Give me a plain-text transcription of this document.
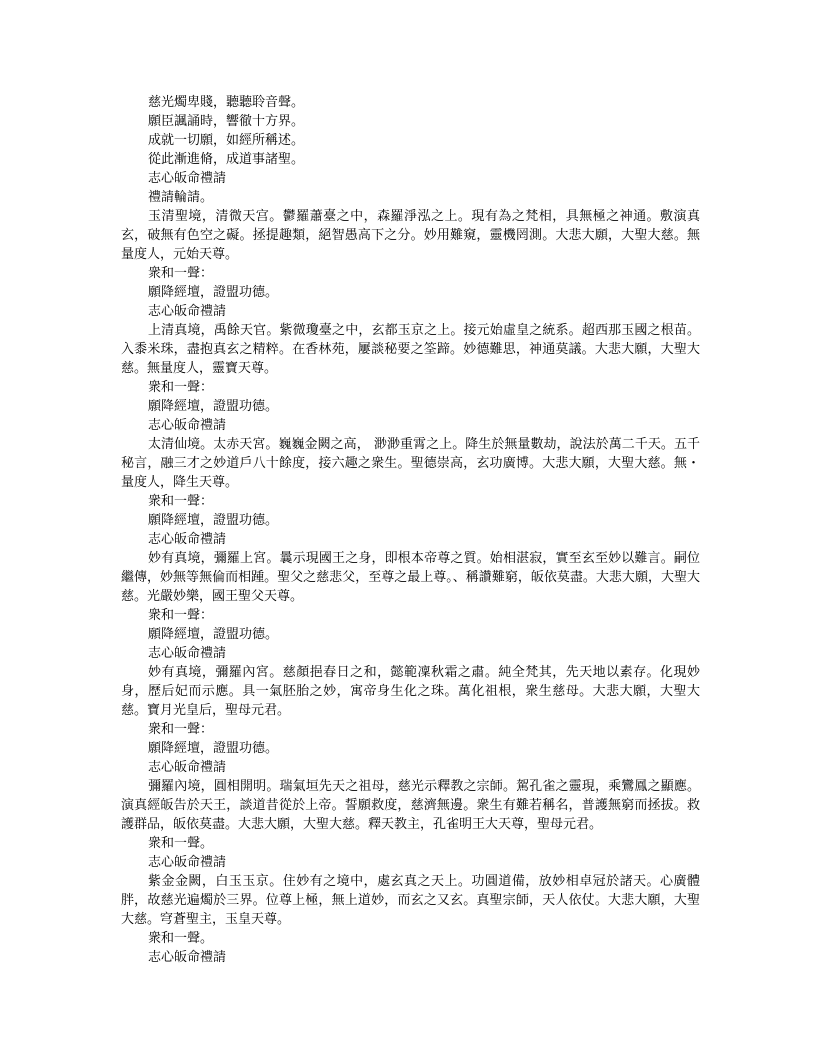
慈光燭卑賤，聽聽聆音聲。
願臣諷誦時，響徹十方界。
成就一切願，如經所稱述。
從此漸進脩，成道事諸聖。
志心皈命禮請
禮請輪請。
玉清聖境，清微天宫。鬱羅蕭臺之中，森羅淨泓之上。現有為之梵相，具無極之神通。敷演真玄，破無有色空之礙。拯提趣類，絕智愚高下之分。妙用難窺，靈機罔測。大悲大願，大聖大慈。無量度人，元始天尊。
衆和一聲：
願降經壇，證盟功德。
志心皈命禮請
上清真境，禹餘天官。紫微瓊臺之中，玄都玉京之上。接元始虛皇之統系。超西那玉國之根苗。入黍米珠，盡抱真玄之精粹。在香林苑，屢談秘要之筌蹄。妙德難思，神通莫議。大悲大願，大聖大慈。無量度人，靈寶天尊。
衆和一聲：
願降經壇，證盟功德。
志心皈命禮請
太清仙境。太赤天宮。巍巍金闕之高， 渺渺重霄之上。降生於無量數劫，說法於萬二千天。五千秘言，融三才之妙道戶八十餘度，接六趣之衆生。聖德崇高，玄功廣博。大悲大願，大聖大慈。無・ 量度人，降生天尊。
衆和一聲：
願降經壇，證盟功德。
志心皈命禮請
妙有真境，彌羅上宮。曩示現國王之身，即根本帝尊之質。始相湛寂，實至玄至妙以難言。嗣位繼傳，妙無等無倫而相踵。聖父之慈悲父，至尊之最上尊。、稱讚難窮，皈依莫盡。大悲大願，大聖大慈。光嚴妙樂，國王聖父天尊。
衆和一聲：
願降經壇，證盟功德。
志心皈命禮請
妙有真境，彌羅內宮。慈顏挹春日之和，懿範凜秋霜之肅。純全梵其，先天地以素存。化現妙身，歷后妃而示應。具一氣胚胎之妙，寓帝身生化之珠。萬化祖根，衆生慈母。大悲大願，大聖大慈。寶月光皇后，聖母元君。
衆和一聲：
願降經壇，證盟功德。
志心皈命禮請
彌羅內境，圓相開明。瑞氣垣先天之祖母，慈光示釋教之宗師。駕孔雀之靈現，乘鸞鳳之顯應。演真經皈告於天王，談道昔從於上帝。誓願救度，慈濟無邊。衆生有難若稱名，普護無窮而拯拔。救護群品，皈依莫盡。大悲大願，大聖大慈。釋天教主，孔雀明王大天尊，聖母元君。
衆和一聲。
志心皈命禮請
紫金金闕，白玉玉京。住妙有之境中，處玄真之天上。功圓道備，放妙相卓冠於諸天。心廣體胖，故慈光遍燭於三界。位尊上極，無上道妙，而玄之又玄。真聖宗師，天人依仗。大悲大願，大聖大慈。穹蒼聖主，玉皇天尊。
衆和一聲。
志心皈命禮請
